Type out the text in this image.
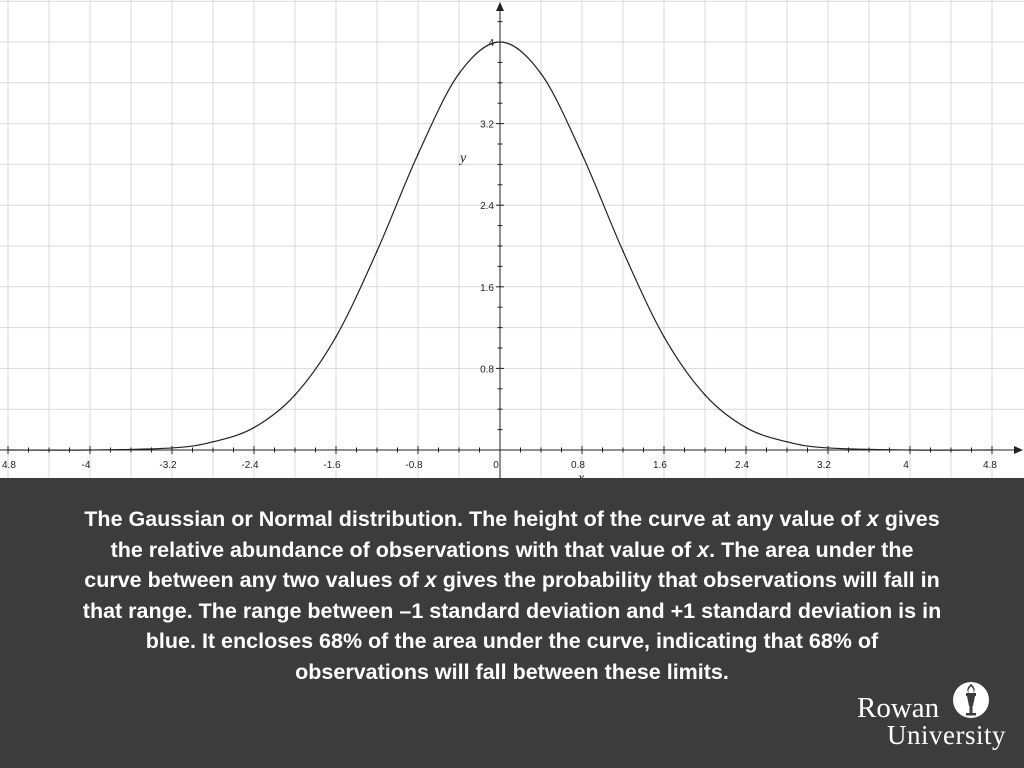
4.8	-4	-3.2	-2.4	-1.6	-0.8	0	0.8	1.6	2.4	3.2	4	4.8
0.8
1.6
2.4
3.2
4
y

The Gaussian or Normal distribution. The height of the curve at any value of x gives the relative abundance of observations with that value of x. The area under the curve between any two values of x gives the probability that observations will fall in that range. The range between –1 standard deviation and +1 standard deviation is in blue. It encloses 68% of the area under the curve, indicating that 68% of observations will fall between these limits.

Rowan
University
